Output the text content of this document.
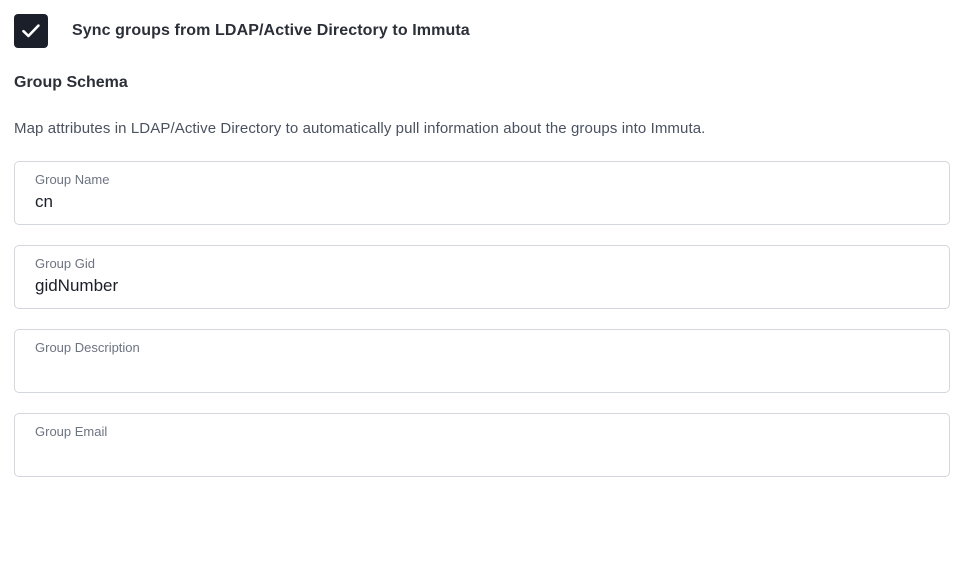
Sync groups from LDAP/Active Directory to Immuta
Group Schema

Map attributes in LDAP/Active Directory to automatically pull information about the groups into Immuta.

Group Name
cn
Group Gid
gidNumber
Group Description
Group Email
